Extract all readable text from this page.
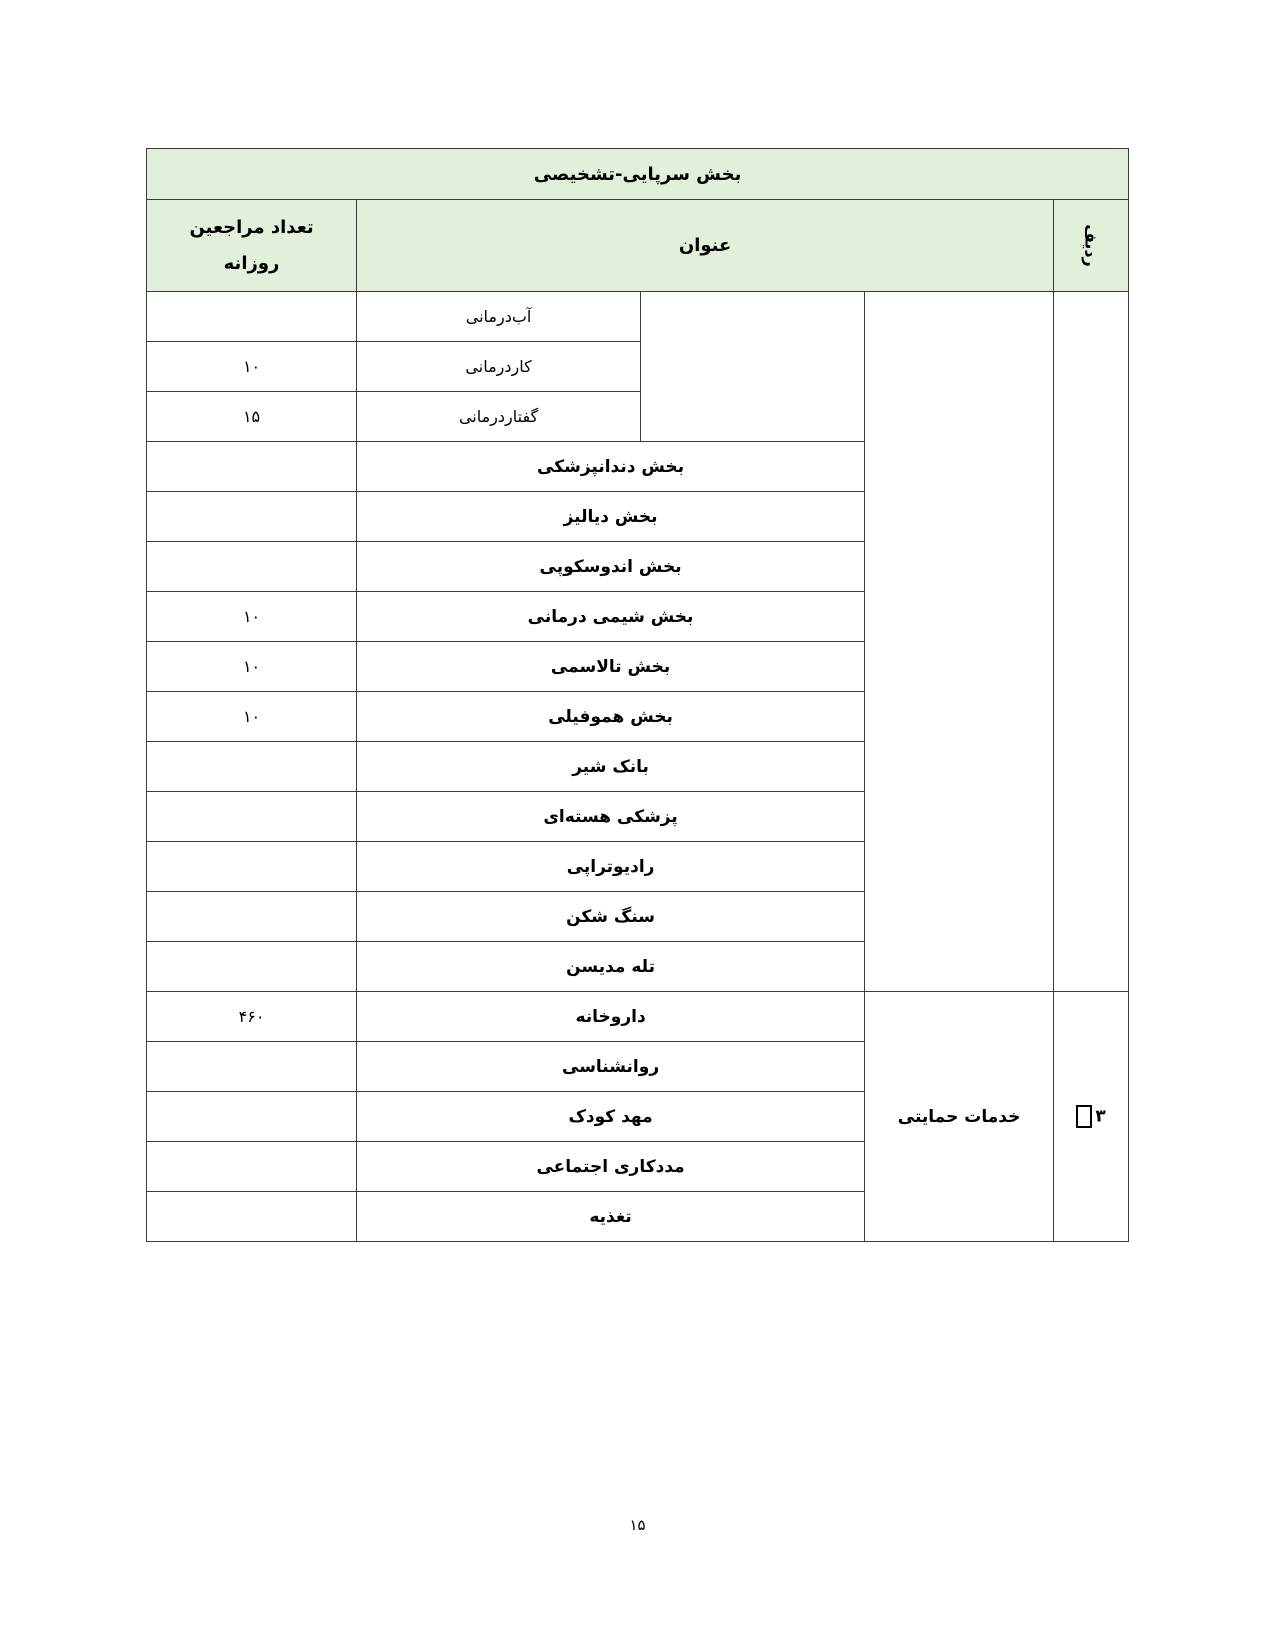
بخش سرپایی-تشخیصی				
ردیف	عنوان			تعداد مراجعین روزانه
			آب‌درمانی	
			کاردرمانی	۱۰
			گفتاردرمانی	۱۵
		بخش دندانپزشکی		
		بخش دیالیز		
		بخش اندوسکوپی		
		بخش شیمی درمانی		۱۰
		بخش تالاسمی		۱۰
		بخش هموفیلی		۱۰
		بانک شیر		
		پزشکی هسته‌ای		
		رادیوتراپی		
		سنگ شکن		
		تله مدیسن		
۳	خدمات حمایتی	داروخانه		۴۶۰
		روانشناسی		
		مهد کودک		
		مددکاری اجتماعی		
		تغذیه		
۱۵
